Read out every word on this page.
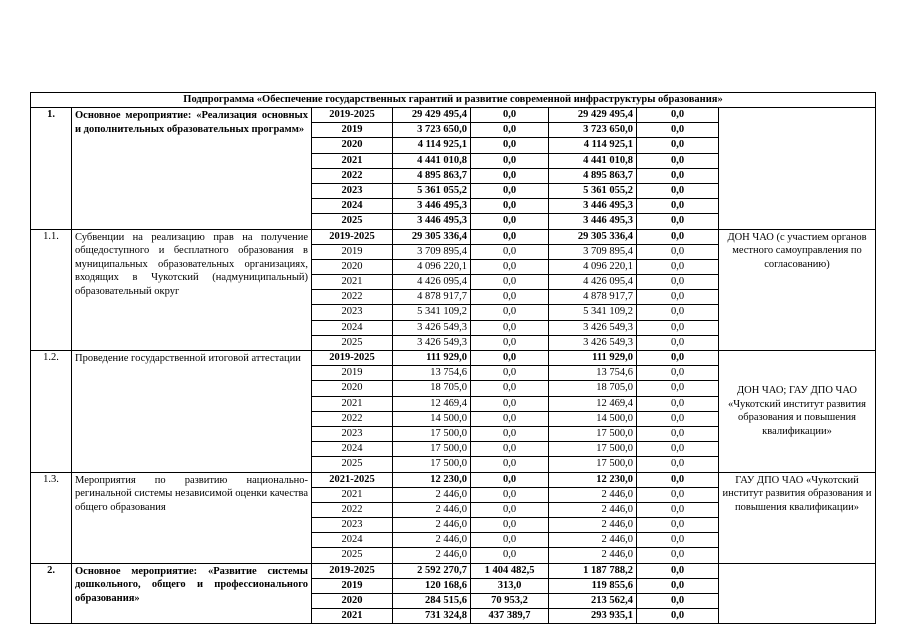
Подпрограмма «Обеспечение государственных гарантий и развитие современной инфраструктуры образования»							
1.	Основное мероприятие: «Реализация основных и дополнительных образовательных программ»	2019-2025	29 429 495,4	0,0	29 429 495,4	0,0	
		2019	3 723 650,0	0,0	3 723 650,0	0,0	
		2020	4 114 925,1	0,0	4 114 925,1	0,0	
		2021	4 441 010,8	0,0	4 441 010,8	0,0	
		2022	4 895 863,7	0,0	4 895 863,7	0,0	
		2023	5 361 055,2	0,0	5 361 055,2	0,0	
		2024	3 446 495,3	0,0	3 446 495,3	0,0	
		2025	3 446 495,3	0,0	3 446 495,3	0,0	
1.1.	Субвенции на реализацию прав на получение общедоступного и бесплатного образования в муниципальных образовательных организациях, входящих в Чукотский (надмуниципальный) образовательный округ	2019-2025	29 305 336,4	0,0	29 305 336,4	0,0	ДОН ЧАО (с участием органов местного самоуправления по согласованию)
		2019	3 709 895,4	0,0	3 709 895,4	0,0	
		2020	4 096 220,1	0,0	4 096 220,1	0,0	
		2021	4 426 095,4	0,0	4 426 095,4	0,0	
		2022	4 878 917,7	0,0	4 878 917,7	0,0	
		2023	5 341 109,2	0,0	5 341 109,2	0,0	
		2024	3 426 549,3	0,0	3 426 549,3	0,0	
		2025	3 426 549,3	0,0	3 426 549,3	0,0	
1.2.	Проведение государственной итоговой аттестации	2019-2025	111 929,0	0,0	111 929,0	0,0	ДОН ЧАО; ГАУ ДПО ЧАО «Чукотский институт развития образования и повышения квалификации»
		2019	13 754,6	0,0	13 754,6	0,0	
		2020	18 705,0	0,0	18 705,0	0,0	
		2021	12 469,4	0,0	12 469,4	0,0	
		2022	14 500,0	0,0	14 500,0	0,0	
		2023	17 500,0	0,0	17 500,0	0,0	
		2024	17 500,0	0,0	17 500,0	0,0	
		2025	17 500,0	0,0	17 500,0	0,0	
1.3.	Мероприятия по развитию национально-регинальной системы независимой оценки качества общего образования	2021-2025	12 230,0	0,0	12 230,0	0,0	ГАУ ДПО ЧАО «Чукотский институт развития образования и повышения квалификации»
		2021	2 446,0	0,0	2 446,0	0,0	
		2022	2 446,0	0,0	2 446,0	0,0	
		2023	2 446,0	0,0	2 446,0	0,0	
		2024	2 446,0	0,0	2 446,0	0,0	
		2025	2 446,0	0,0	2 446,0	0,0	
2.	Основное мероприятие: «Развитие системы дошкольного, общего и профессионального образования»	2019-2025	2 592 270,7	1 404 482,5	1 187 788,2	0,0	
		2019	120 168,6	313,0	119 855,6	0,0	
		2020	284 515,6	70 953,2	213 562,4	0,0	
		2021	731 324,8	437 389,7	293 935,1	0,0	
